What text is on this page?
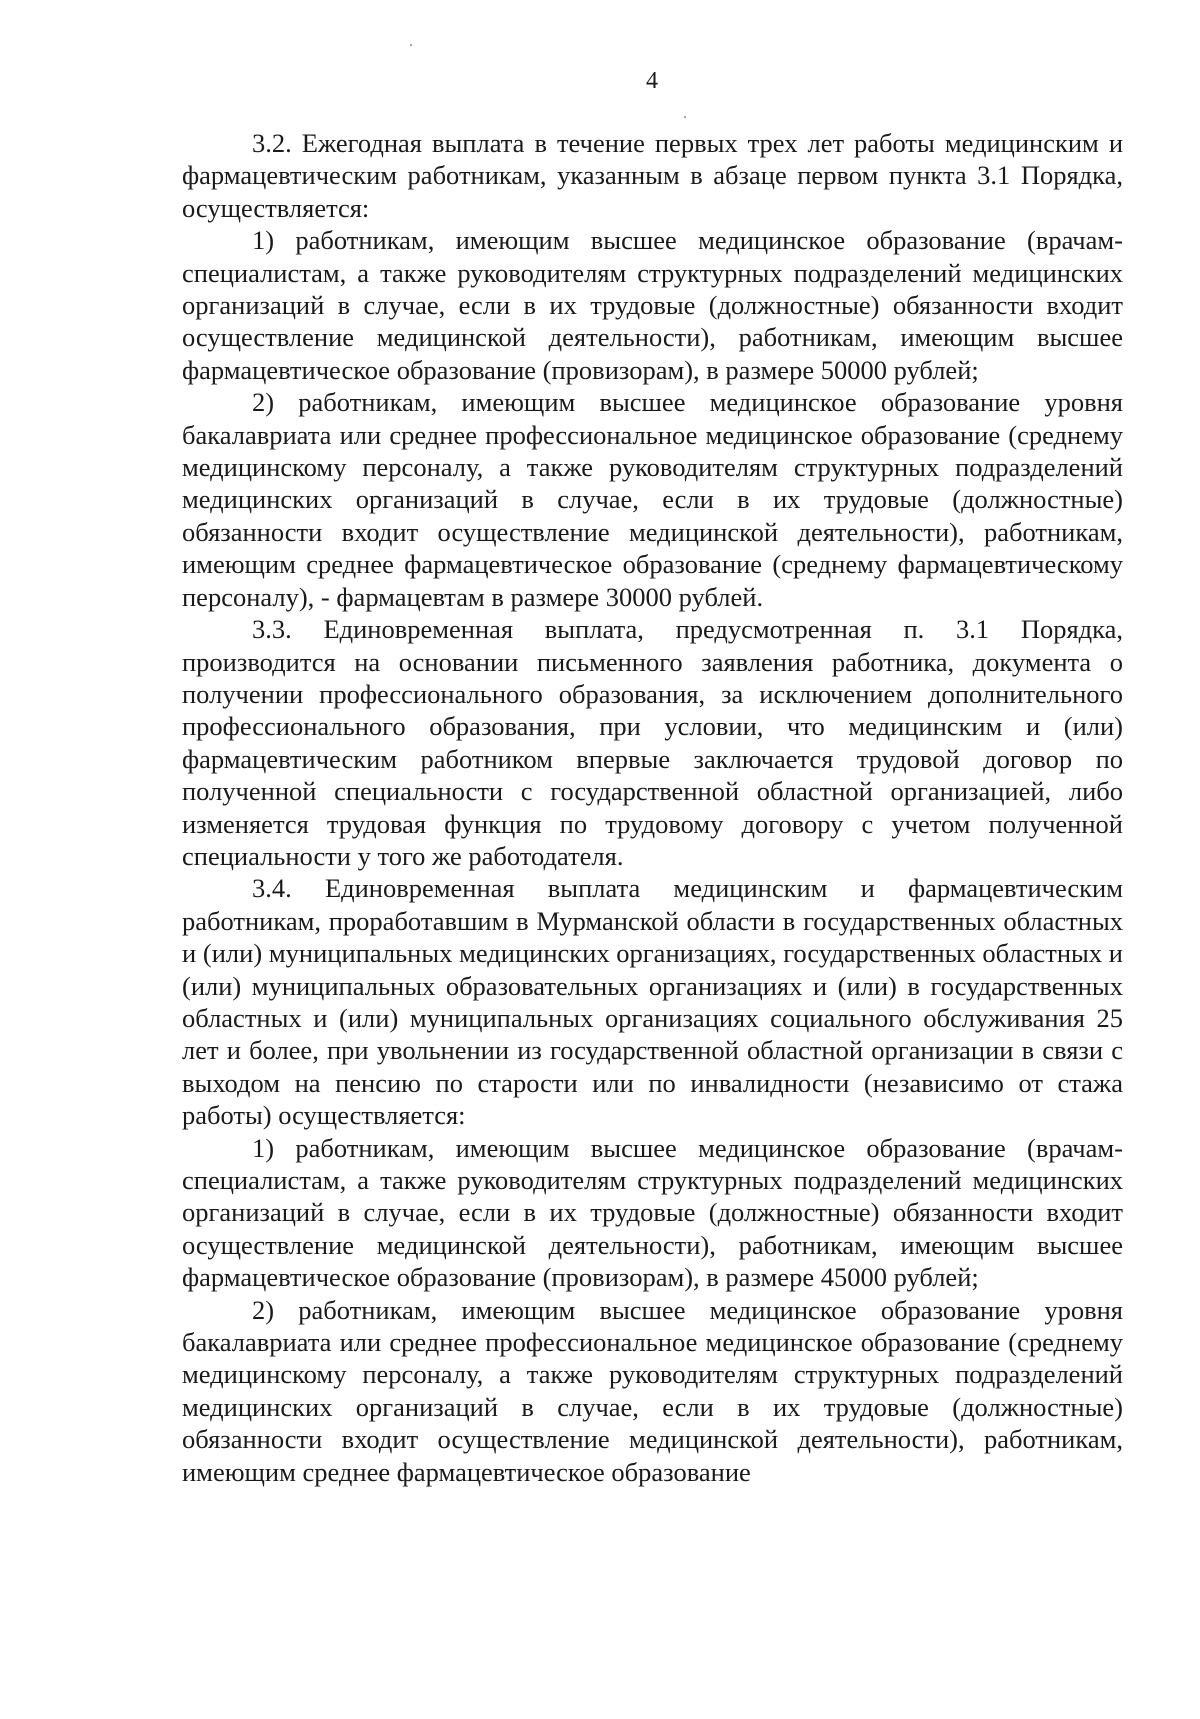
4

3.2. Ежегодная выплата в течение первых трех лет работы медицинским и фармацевтическим работникам, указанным в абзаце первом пункта 3.1 Порядка, осуществляется:

1) работникам, имеющим высшее медицинское образование (врачам-специалистам, а также руководителям структурных подразделений медицинских организаций в случае, если в их трудовые (должностные) обязанности входит осуществление медицинской деятельности), работникам, имеющим высшее фармацевтическое образование (провизорам), в размере 50000 рублей;

2) работникам, имеющим высшее медицинское образование уровня бакалавриата или среднее профессиональное медицинское образование (среднему медицинскому персоналу, а также руководителям структурных подразделений медицинских организаций в случае, если в их трудовые (должностные) обязанности входит осуществление медицинской деятельности), работникам, имеющим среднее фармацевтическое образование (среднему фармацевтическому персоналу), - фармацевтам в размере 30000 рублей.

3.3. Единовременная выплата, предусмотренная п. 3.1 Порядка, производится на основании письменного заявления работника, документа о получении профессионального образования, за исключением дополнительного профессионального образования, при условии, что медицинским и (или) фармацевтическим работником впервые заключается трудовой договор по полученной специальности с государственной областной организацией, либо изменяется трудовая функция по трудовому договору с учетом полученной специальности у того же работодателя.

3.4. Единовременная выплата медицинским и фармацевтическим работникам, проработавшим в Мурманской области в государственных областных и (или) муниципальных медицинских организациях, государственных областных и (или) муниципальных образовательных организациях и (или) в государственных областных и (или) муниципальных организациях социального обслуживания 25 лет и более, при увольнении из государственной областной организации в связи с выходом на пенсию по старости или по инвалидности (независимо от стажа работы) осуществляется:

1) работникам, имеющим высшее медицинское образование (врачам-специалистам, а также руководителям структурных подразделений медицинских организаций в случае, если в их трудовые (должностные) обязанности входит осуществление медицинской деятельности), работникам, имеющим высшее фармацевтическое образование (провизорам), в размере 45000 рублей;

2) работникам, имеющим высшее медицинское образование уровня бакалавриата или среднее профессиональное медицинское образование (среднему медицинскому персоналу, а также руководителям структурных подразделений медицинских организаций в случае, если в их трудовые (должностные) обязанности входит осуществление медицинской деятельности), работникам, имеющим среднее фармацевтическое образование
